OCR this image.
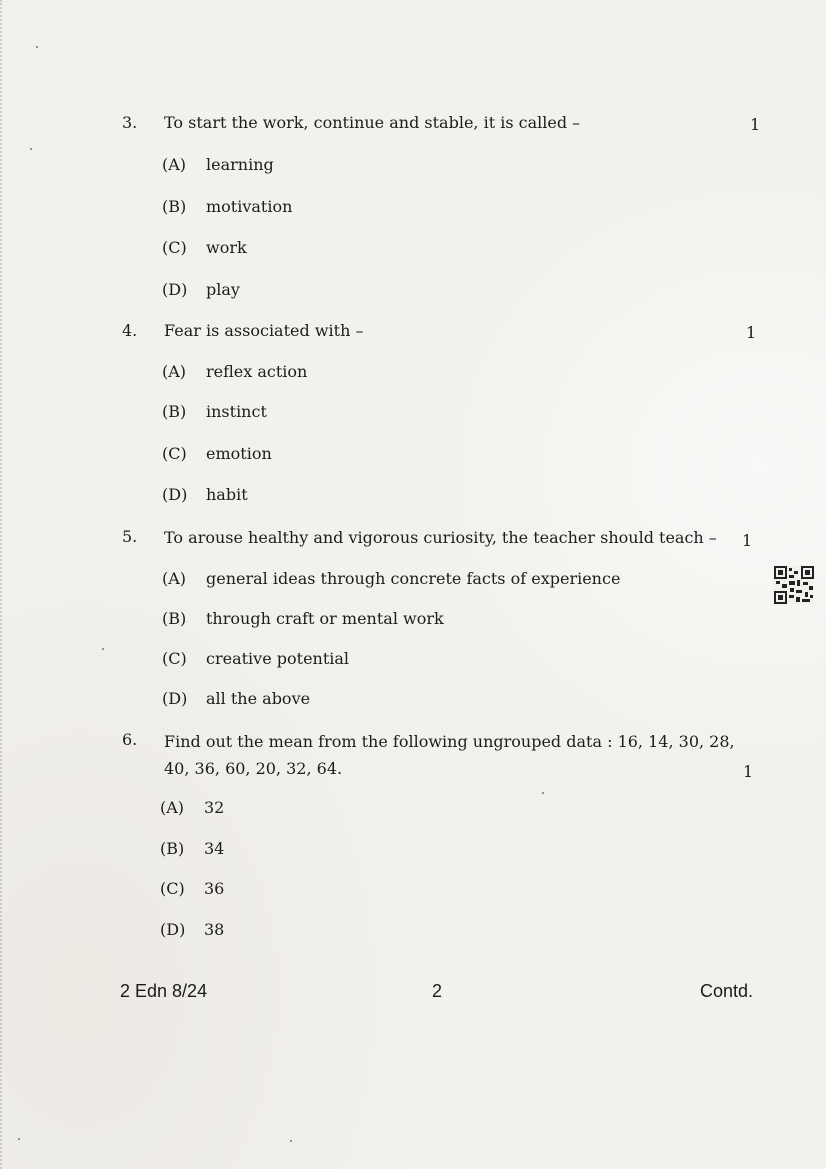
3. To start the work, continue and stable, it is called –	1
(A) learning
(B) motivation
(C) work
(D) play
4. Fear is associated with –	1
(A) reflex action
(B) instinct
(C) emotion
(D) habit
5. To arouse healthy and vigorous curiosity, the teacher should teach – 1
(A) general ideas through concrete facts of experience
(B) through craft or mental work
(C) creative potential
(D) all the above
6. Find out the mean from the following ungrouped data : 16, 14, 30, 28, 40, 36, 60, 20, 32, 64.	1
(A) 32
(B) 34
(C) 36
(D) 38
2 Edn 8/24	2	Contd.
